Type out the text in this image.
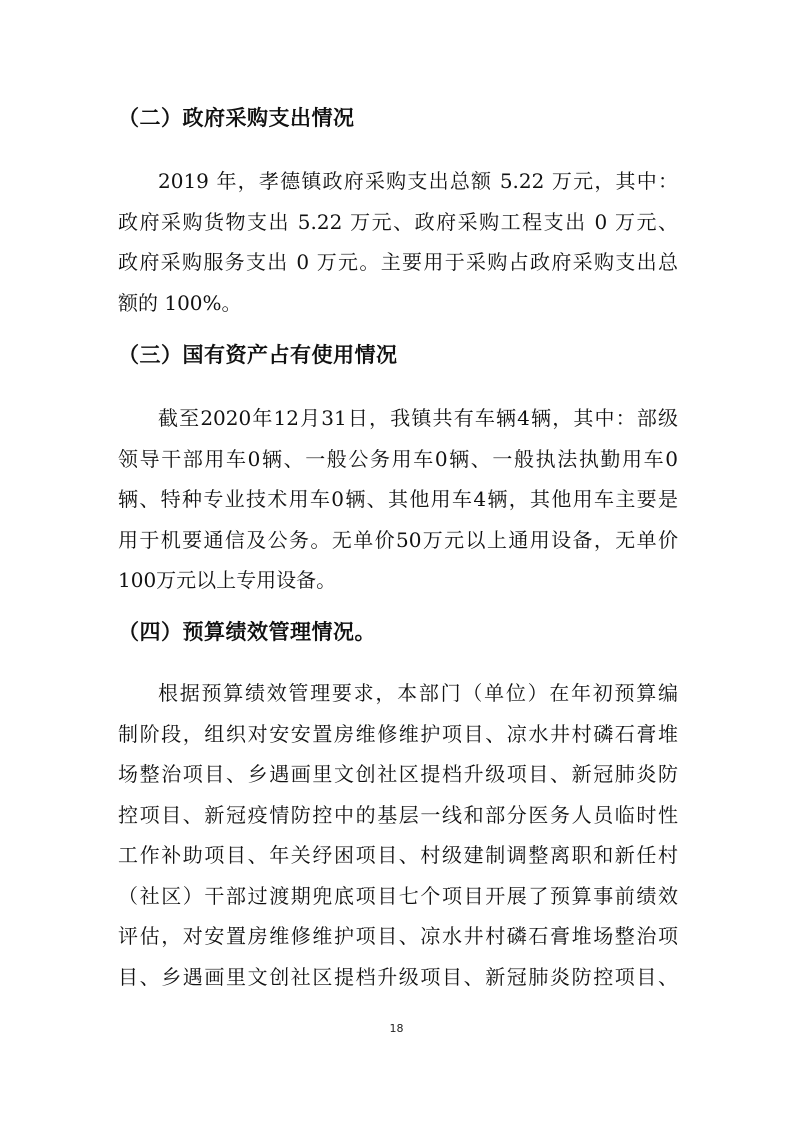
（二）政府采购支出情况
2019 年，孝德镇政府采购支出总额 5.22 万元，其中：
政府采购货物支出 5.22 万元、政府采购工程支出 0 万元、
政府采购服务支出 0 万元。主要用于采购占政府采购支出总
额的 100%。
（三）国有资产占有使用情况
截至2020年12月31日，我镇共有车辆4辆，其中：部级
领导干部用车0辆、一般公务用车0辆、一般执法执勤用车0
辆、特种专业技术用车0辆、其他用车4辆，其他用车主要是
用于机要通信及公务。无单价50万元以上通用设备，无单价
100万元以上专用设备。
（四）预算绩效管理情况。
根据预算绩效管理要求，本部门（单位）在年初预算编
制阶段，组织对安安置房维修维护项目、凉水井村磷石膏堆
场整治项目、乡遇画里文创社区提档升级项目、新冠肺炎防
控项目、新冠疫情防控中的基层一线和部分医务人员临时性
工作补助项目、年关纾困项目、村级建制调整离职和新任村
（社区）干部过渡期兜底项目七个项目开展了预算事前绩效
评估，对安置房维修维护项目、凉水井村磷石膏堆场整治项
目、乡遇画里文创社区提档升级项目、新冠肺炎防控项目、
18
